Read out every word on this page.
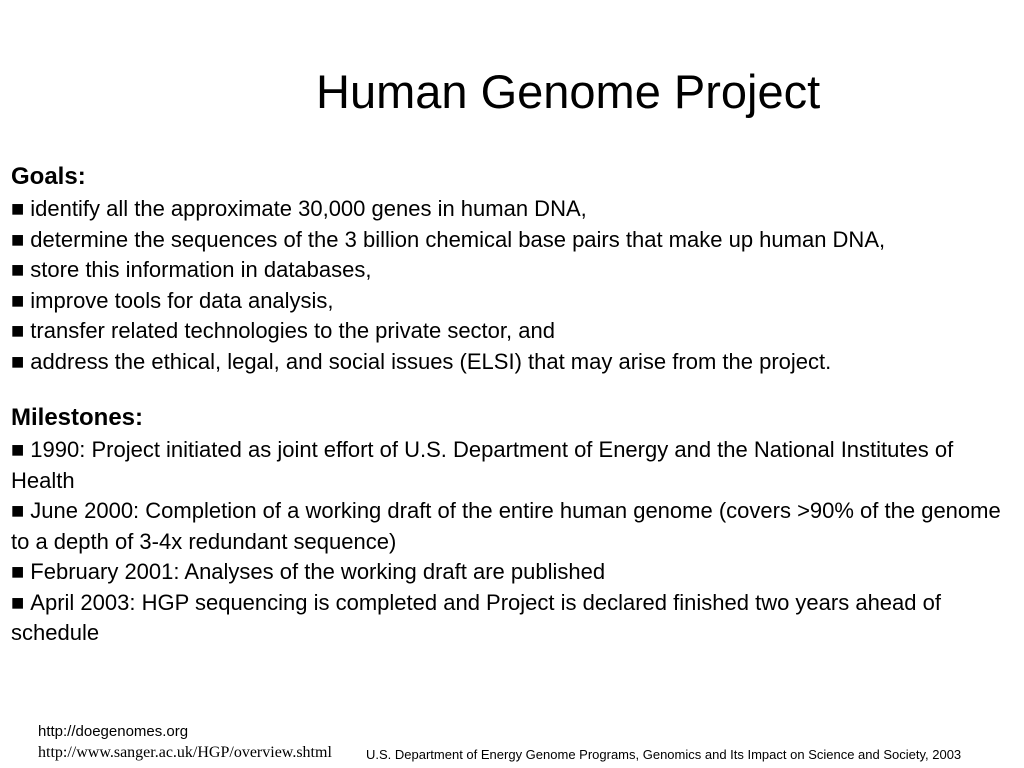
Human Genome Project
Goals:
■ identify all the approximate 30,000 genes in human DNA,
■ determine the sequences of the 3 billion chemical base pairs that make up human DNA,
■ store this information in databases,
■ improve tools for data analysis,
■ transfer related technologies to the private sector, and
■ address the ethical, legal, and social issues (ELSI) that may arise from the project.
Milestones:
■ 1990: Project initiated as joint effort of U.S. Department of Energy and the National Institutes of Health
■ June 2000: Completion of a working draft of the entire human genome (covers >90% of the genome to a depth of 3-4x redundant sequence)
■ February 2001: Analyses of the working draft are published
■ April 2003: HGP sequencing is completed and Project is declared finished two years ahead of schedule
http://doegenomes.org
http://www.sanger.ac.uk/HGP/overview.shtml	U.S. Department of Energy Genome Programs, Genomics and Its Impact on Science and Society, 2003
